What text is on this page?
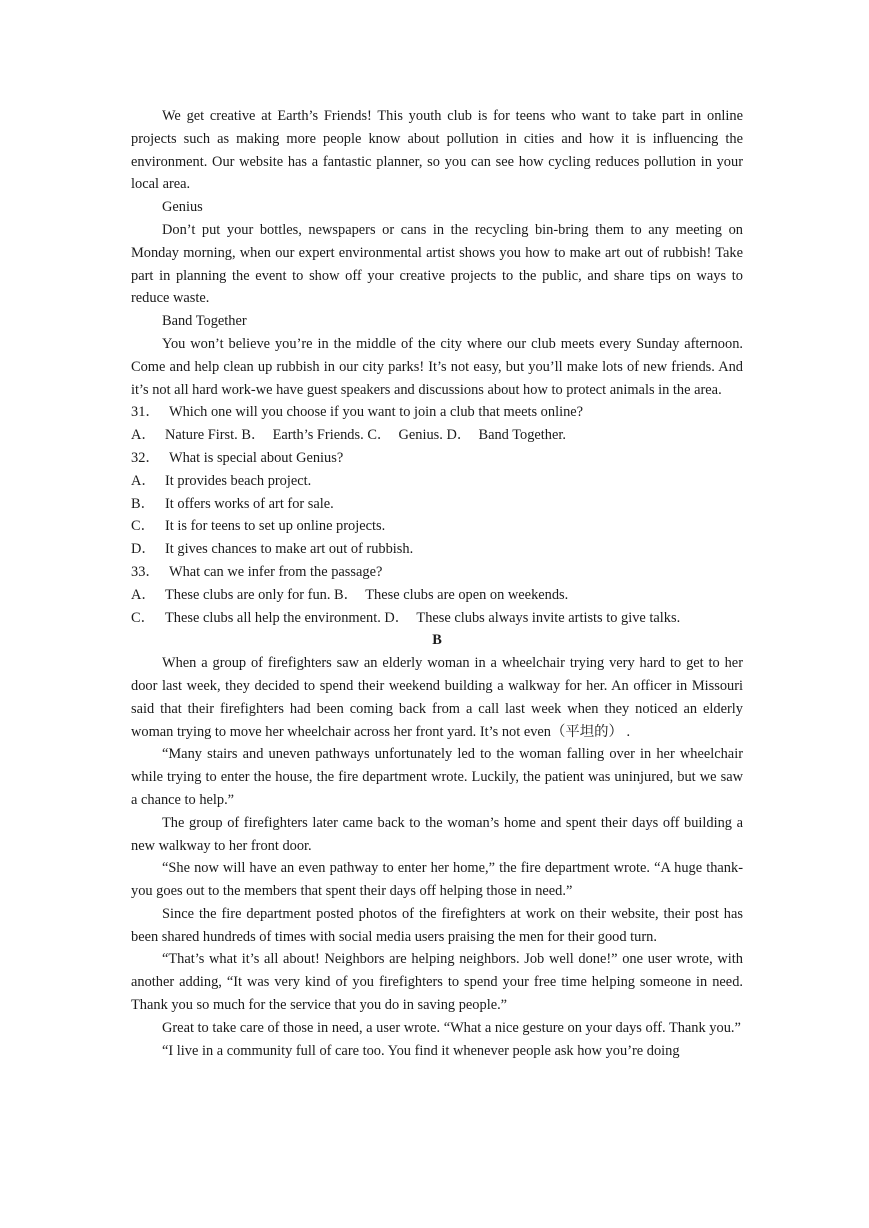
We get creative at Earth’s Friends! This youth club is for teens who want to take part in online projects such as making more people know about pollution in cities and how it is influencing the environment. Our website has a fantastic planner, so you can see how cycling reduces pollution in your local area.

Genius

Don’t put your bottles, newspapers or cans in the recycling bin-bring them to any meeting on Monday morning, when our expert environmental artist shows you how to make art out of rubbish! Take part in planning the event to show off your creative projects to the public, and share tips on ways to reduce waste.

Band Together

You won’t believe you’re in the middle of the city where our club meets every Sunday afternoon. Come and help clean up rubbish in our city parks! It’s not easy, but you’ll make lots of new friends. And it’s not all hard work-we have guest speakers and discussions about how to protect animals in the area.

31． Which one will you choose if you want to join a club that meets online?

A． Nature First. B． Earth’s Friends. C． Genius. D． Band Together.

32． What is special about Genius?

A． It provides beach project.

B． It offers works of art for sale.

C． It is for teens to set up online projects.

D． It gives chances to make art out of rubbish.

33． What can we infer from the passage?

A． These clubs are only for fun. B． These clubs are open on weekends.

C． These clubs all help the environment. D． These clubs always invite artists to give talks.

B

When a group of firefighters saw an elderly woman in a wheelchair trying very hard to get to her door last week, they decided to spend their weekend building a walkway for her. An officer in Missouri said that their firefighters had been coming back from a call last week when they noticed an elderly woman trying to move her wheelchair across her front yard. It’s not even（平坦的） .

“Many stairs and uneven pathways unfortunately led to the woman falling over in her wheelchair while trying to enter the house, the fire department wrote. Luckily, the patient was uninjured, but we saw a chance to help.”

The group of firefighters later came back to the woman’s home and spent their days off building a new walkway to her front door.

“She now will have an even pathway to enter her home,” the fire department wrote. “A huge thank-you goes out to the members that spent their days off helping those in need.”

Since the fire department posted photos of the firefighters at work on their website, their post has been shared hundreds of times with social media users praising the men for their good turn.

“That’s what it’s all about! Neighbors are helping neighbors. Job well done!” one user wrote, with another adding, “It was very kind of you firefighters to spend your free time helping someone in need. Thank you so much for the service that you do in saving people.”

Great to take care of those in need, a user wrote. “What a nice gesture on your days off. Thank you.”

“I live in a community full of care too. You find it whenever people ask how you’re doing
